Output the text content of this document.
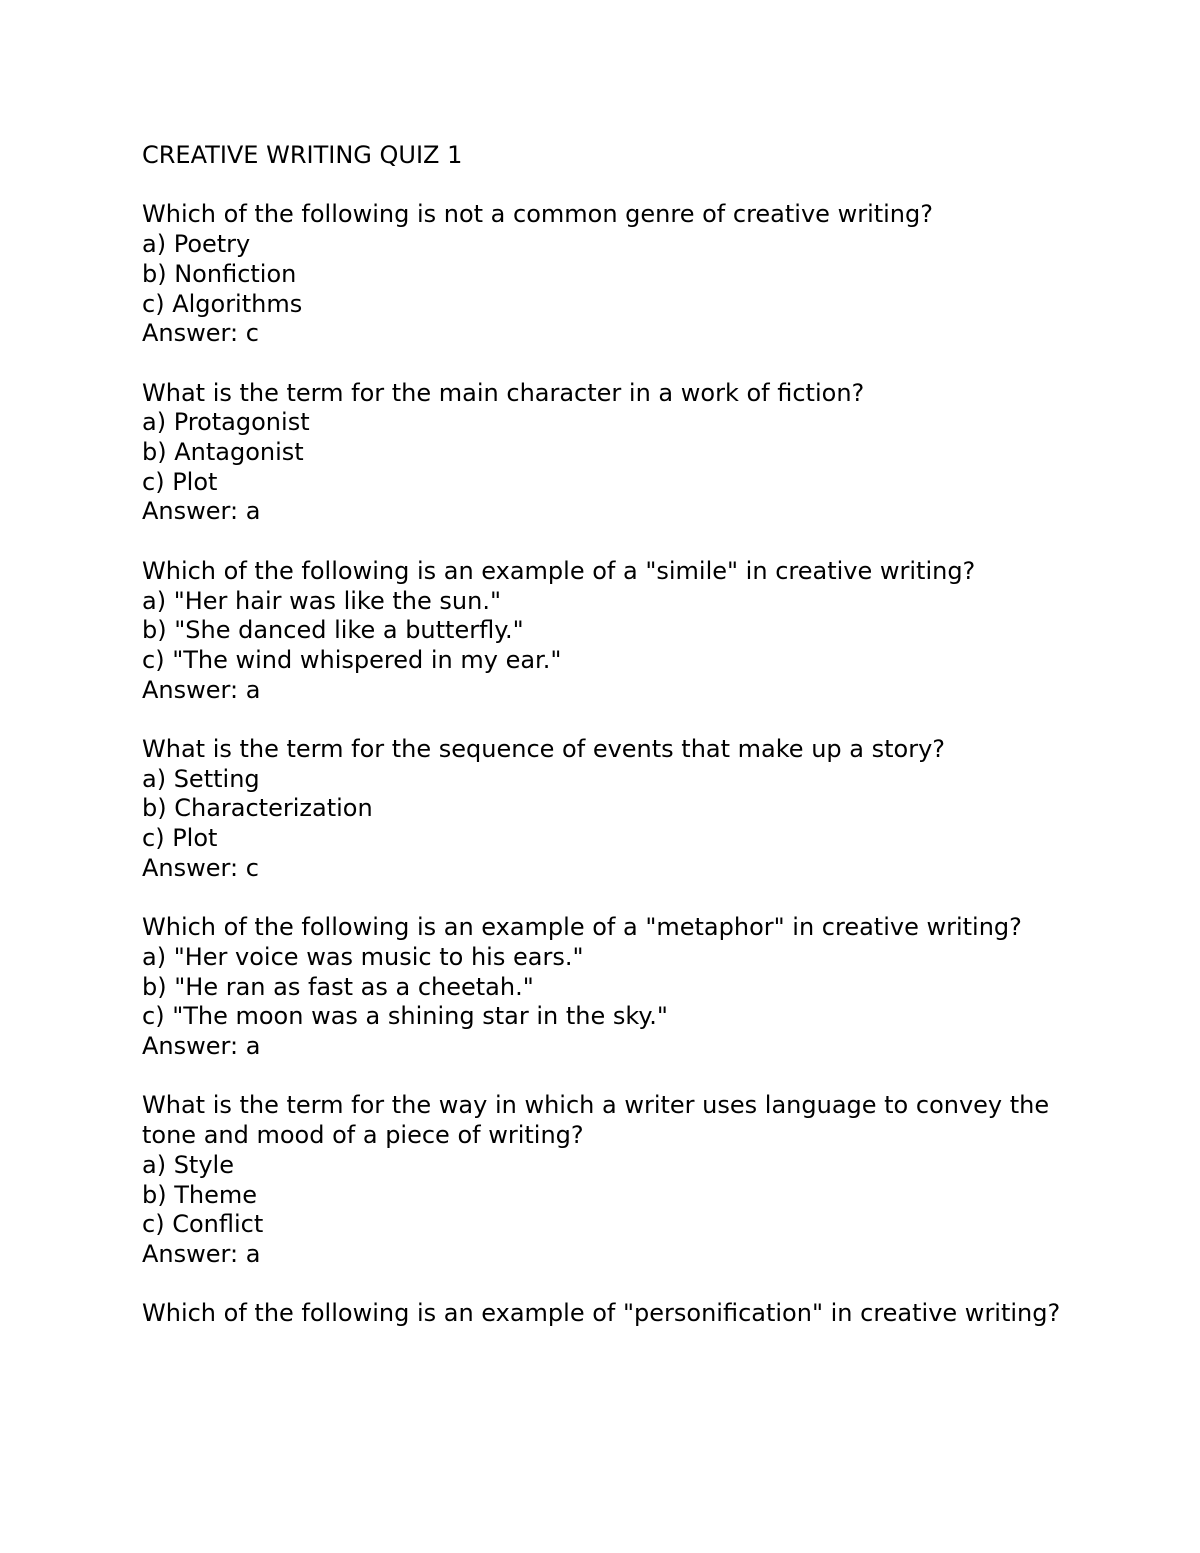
CREATIVE WRITING QUIZ 1
Which of the following is not a common genre of creative writing?
a) Poetry
b) Nonfiction
c) Algorithms
Answer: c
What is the term for the main character in a work of fiction?
a) Protagonist
b) Antagonist
c) Plot
Answer: a
Which of the following is an example of a "simile" in creative writing?
a) "Her hair was like the sun."
b) "She danced like a butterfly."
c) "The wind whispered in my ear."
Answer: a
What is the term for the sequence of events that make up a story?
a) Setting
b) Characterization
c) Plot
Answer: c
Which of the following is an example of a "metaphor" in creative writing?
a) "Her voice was music to his ears."
b) "He ran as fast as a cheetah."
c) "The moon was a shining star in the sky."
Answer: a
What is the term for the way in which a writer uses language to convey the tone and mood of a piece of writing?
a) Style
b) Theme
c) Conflict
Answer: a
Which of the following is an example of "personification" in creative writing?
